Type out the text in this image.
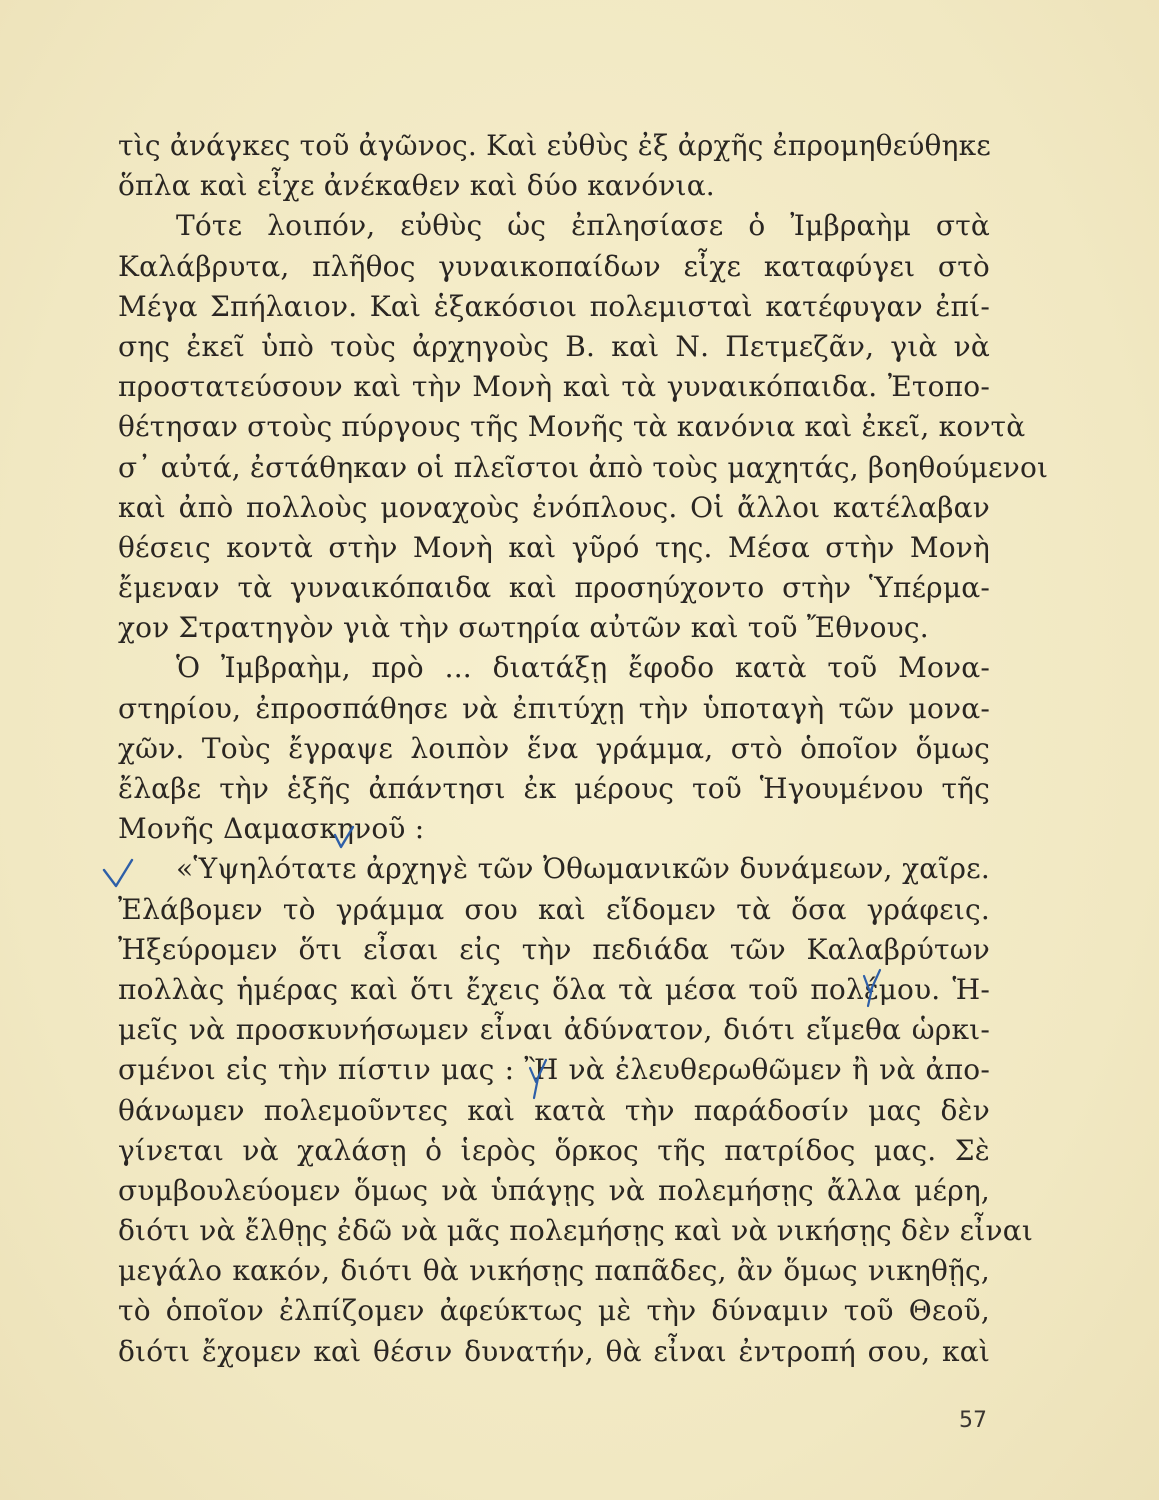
τὶς ἀνάγκες τοῦ ἀγῶνος. Καὶ εὐθὺς ἐξ ἀρχῆς ἐπρομηθεύθηκε
ὅπλα καὶ εἶχε ἀνέκαθεν καὶ δύο κανόνια.
Τότε λοιπόν, εὐθὺς ὡς ἐπλησίασε ὁ Ἰμβραὴμ στὰ
Καλάβρυτα, πλῆθος γυναικοπαίδων εἶχε καταφύγει στὸ
Μέγα Σπήλαιον. Καὶ ἑξακόσιοι πολεμισταὶ κατέφυγαν ἐπί-
σης ἐκεῖ ὑπὸ τοὺς ἀρχηγοὺς Β. καὶ Ν. Πετμεζᾶν, γιὰ νὰ
προστατεύσουν καὶ τὴν Μονὴ καὶ τὰ γυναικόπαιδα. Ἐτοπο-
θέτησαν στοὺς πύργους τῆς Μονῆς τὰ κανόνια καὶ ἐκεῖ, κοντὰ
σ᾽ αὐτά, ἐστάθηκαν οἱ πλεῖστοι ἀπὸ τοὺς μαχητάς, βοηθούμενοι
καὶ ἀπὸ πολλοὺς μοναχοὺς ἐνόπλους. Οἱ ἄλλοι κατέλαβαν
θέσεις κοντὰ στὴν Μονὴ καὶ γῦρό της. Μέσα στὴν Μονὴ
ἔμεναν τὰ γυναικόπαιδα καὶ προσηύχοντο στὴν Ὑπέρμα-
χον Στρατηγὸν γιὰ τὴν σωτηρία αὐτῶν καὶ τοῦ Ἔθνους.
Ὁ Ἰμβραὴμ, πρὸ ... διατάξῃ ἔφοδο κατὰ τοῦ Μονα-
στηρίου, ἐπροσπάθησε νὰ ἐπιτύχῃ τὴν ὑποταγὴ τῶν μονα-
χῶν. Τοὺς ἔγραψε λοιπὸν ἕνα γράμμα, στὸ ὁποῖον ὅμως
ἔλαβε τὴν ἑξῆς ἀπάντησι ἐκ μέρους τοῦ Ἡγουμένου τῆς
Μονῆς Δαμασκηνοῦ :
«Ὑψηλότατε ἀρχηγὲ τῶν Ὀθωμανικῶν δυνάμεων, χαῖρε.
Ἐλάβομεν τὸ γράμμα σου καὶ εἴδομεν τὰ ὅσα γράφεις.
Ἠξεύρομεν ὅτι εἶσαι εἰς τὴν πεδιάδα τῶν Καλαβρύτων
πολλὰς ἡμέρας καὶ ὅτι ἔχεις ὅλα τὰ μέσα τοῦ πολέμου. Ἡ-
μεῖς νὰ προσκυνήσωμεν εἶναι ἀδύνατον, διότι εἴμεθα ὡρκι-
σμένοι εἰς τὴν πίστιν μας : Ἢ νὰ ἐλευθερωθῶμεν ἢ νὰ ἀπο-
θάνωμεν πολεμοῦντες καὶ κατὰ τὴν παράδοσίν μας δὲν
γίνεται νὰ χαλάσῃ ὁ ἱερὸς ὅρκος τῆς πατρίδος μας. Σὲ
συμβουλεύομεν ὅμως νὰ ὑπάγῃς νὰ πολεμήσῃς ἄλλα μέρη,
διότι νὰ ἔλθῃς ἐδῶ νὰ μᾶς πολεμήσῃς καὶ νὰ νικήσῃς δὲν εἶναι
μεγάλο κακόν, διότι θὰ νικήσῃς παπᾶδες, ἂν ὅμως νικηθῇς,
τὸ ὁποῖον ἐλπίζομεν ἀφεύκτως μὲ τὴν δύναμιν τοῦ Θεοῦ,
διότι ἔχομεν καὶ θέσιν δυνατήν, θὰ εἶναι ἐντροπή σου, καὶ
57
